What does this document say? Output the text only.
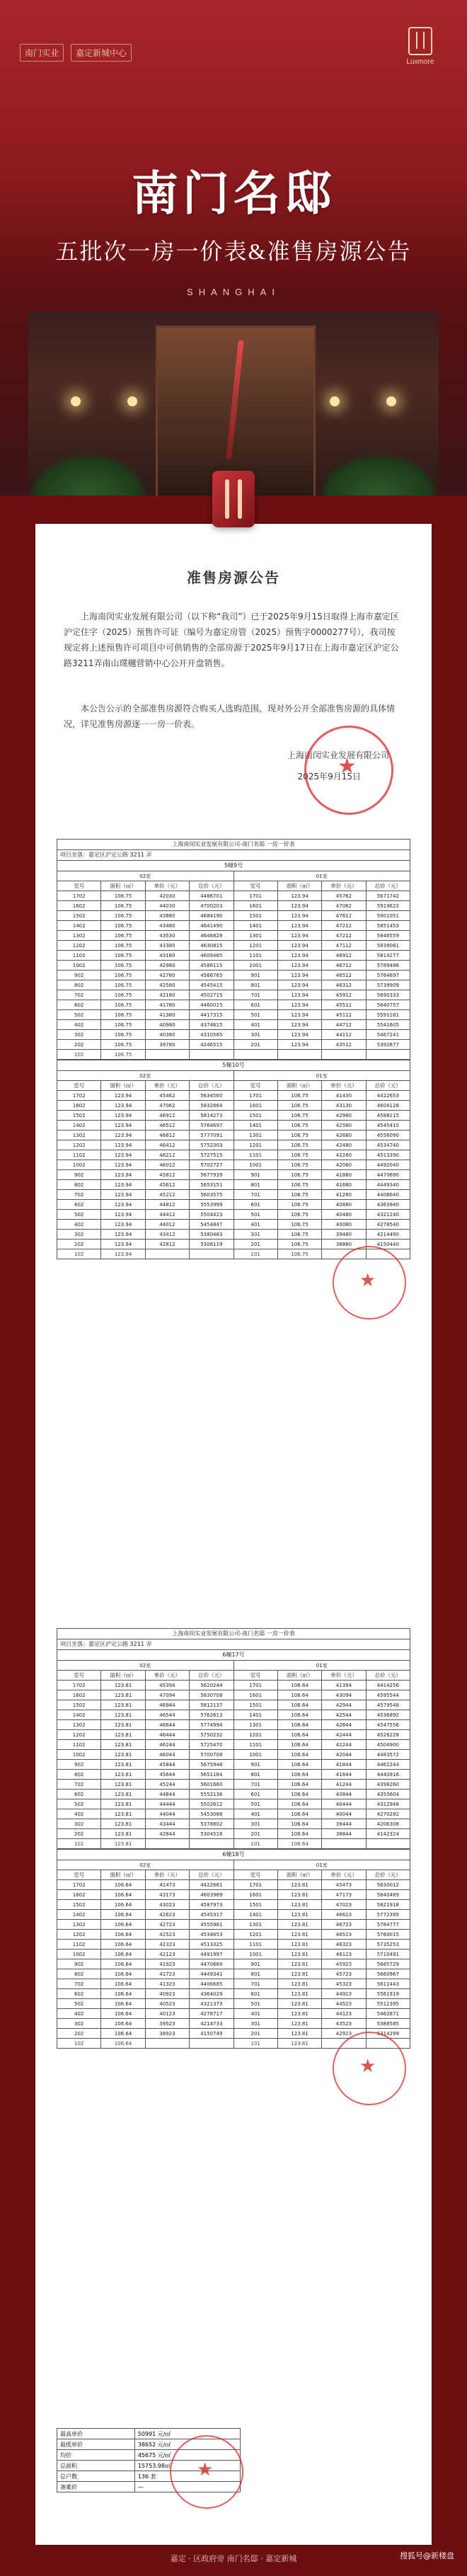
南门实业	嘉定新城中心
Luxmore
南门名邸
五批次一房一价表&准售房源公告
SHANGHAI
准售房源公告
上海南闵实业发展有限公司（以下称“我司”）已于2025年9月15日取得上海市嘉定区沪定住字（2025）预售许可证（编号为嘉定房管（2025）预售字0000277号），我司按规定将上述预售许可项目中可供销售的全部房源于2025年9月17日在上海市嘉定区沪定公路3211弄南山璞樾营销中心公开开盘销售。
本公告公示的全部准售房源符合购买人选购范围，现对外公开全部准售房源的具体情况，详见准售房源逐一一房一价表。
上海南闵实业发展有限公司
2025年9月15日
★
上海南闵实业发展有限公司-南门名邸 一房一价表
项目坐落：嘉定区沪定公路 3211 弄
5幢9号
02室				01室			
室号	面积（㎡）	单价（元）	总价（元）	室号	面积（㎡）	单价（元）	总价（元）
1702	106.75	42030	4486701	1701	123.94	45762	5671742
1602	106.75	44030	4700203	1601	123.94	47062	5919622
1502	106.75	43880	4684190	1501	123.94	47612	5901051
1402	106.75	43480	4641490	1401	123.94	47212	5851453
1302	106.75	43530	4646828	1301	123.94	47212	5846559
1202	106.75	43380	4630815	1201	123.94	47112	5839061
1102	106.75	43180	4609465	1101	123.94	46912	5814277
1002	106.75	42980	4588115	1001	123.94	46712	5789486
902	106.75	42780	4566765	901	123.94	46512	5764697
802	106.75	42580	4545415	801	123.94	46312	5739909
702	106.75	42180	4502715	701	123.94	45912	5690333
602	106.75	41780	4460015	601	123.94	45512	5640757
502	106.75	41380	4417315	501	123.94	45112	5591181
402	106.75	40980	4374615	401	123.94	44712	5541605
302	106.75	40380	4310565	301	123.94	44112	5467241
202	106.75	39780	4246515	201	123.94	43512	5392877
102	106.75						
5幢10号
02室				01室			
室号	面积（㎡）	单价（元）	总价（元）	室号	面积（㎡）	单价（元）	总价（元）
1702	123.94	45462	5634560	1701	106.75	41430	4422653
1602	123.94	47062	5832864	1601	106.75	43130	4604128
1502	123.94	46912	5814273	1501	106.75	42980	4588115
1402	123.94	46512	5764697	1401	106.75	42580	4545415
1302	123.94	46612	5777091	1301	106.75	42680	4556090
1202	123.94	46412	5752303	1201	106.75	42480	4534740
1102	123.94	46212	5727515	1101	106.75	42280	4513390
1002	123.94	46012	5702727	1001	106.75	42080	4492040
902	123.94	45812	5677939	901	106.75	41880	4470690
802	123.94	45612	5653151	801	106.75	41680	4449340
702	123.94	45212	5603575	701	106.75	41280	4406640
602	123.94	44812	5553999	601	106.75	40880	4363940
502	123.94	44412	5504423	501	106.75	40480	4321240
402	123.94	44012	5454847	401	106.75	40080	4278540
302	123.94	43412	5380483	301	106.75	39480	4214490
202	123.94	42812	5306119	201	106.75	38880	4150440
102	123.94			101	106.75		
上海南闵实业发展有限公司-南门名邸 一房一价表
项目坐落：嘉定区沪定公路 3211 弄
6幢17号
02室				01室			
室号	面积（㎡）	单价（元）	总价（元）	室号	面积（㎡）	单价（元）	总价（元）
1702	123.81	45394	5620244	1701	106.64	41394	4414256
1602	123.81	47094	5830708	1601	106.64	43094	4595544
1502	123.81	46944	5812137	1501	106.64	42944	4579548
1402	123.81	46544	5762613	1401	106.64	42544	4536892
1302	123.81	46644	5774994	1301	106.64	42644	4547556
1202	123.81	46444	5750232	1201	106.64	42444	4526228
1102	123.81	46244	5725470	1101	106.64	42244	4504900
1002	123.81	46044	5700708	1001	106.64	42044	4483572
902	123.81	45844	5675946	901	106.64	41844	4462244
802	123.81	45644	5651184	801	106.64	41644	4440916
702	123.81	45244	5601660	701	106.64	41244	4398260
602	123.81	44844	5552136	601	106.64	40844	4355604
502	123.81	44444	5502612	501	106.64	40444	4312948
402	123.81	44044	5453088	401	106.64	40044	4270292
302	123.81	43444	5378802	301	106.64	39444	4206308
202	123.81	42844	5304516	201	106.64	38844	4142324
102	123.81			101	106.64		
6幢18号
02室				01室			
室号	面积（㎡）	单价（元）	总价（元）	室号	面积（㎡）	单价（元）	总价（元）
1702	106.64	41473	4422681	1701	123.81	45473	5630012
1602	106.64	43173	4603969	1601	123.81	47173	5840489
1502	106.64	43023	4587973	1501	123.81	47023	5821918
1402	106.64	42623	4545317	1401	123.81	46623	5772395
1302	106.64	42723	4555981	1301	123.81	46723	5784777
1202	106.64	42523	4534653	1201	123.81	46523	5760015
1102	106.64	42323	4513325	1101	123.81	46323	5735253
1002	106.64	42123	4491997	1001	123.81	46123	5710491
902	106.64	41923	4470669	901	123.81	45923	5685729
802	106.64	41723	4449341	801	123.81	45723	5660967
702	106.64	41323	4406685	701	123.81	45323	5611443
602	106.64	40923	4364029	601	123.81	44923	5561919
502	106.64	40523	4321373	501	123.81	44523	5512395
402	106.64	40123	4278717	401	123.81	44123	5462871
302	106.64	39523	4214733	301	123.81	43523	5388585
202	106.64	38923	4150749	201	123.81	42923	5314299
102	106.64			101	123.81		
★
★
最高单价	50991 元/㎡
最低单价	38652 元/㎡
均价	45675 元/㎡
总面积	15753.98㎡
总户数	136 套
备案价	—
★
嘉定 · 区政府旁 南门名邸 · 嘉定新城	搜狐号@新楼盘
